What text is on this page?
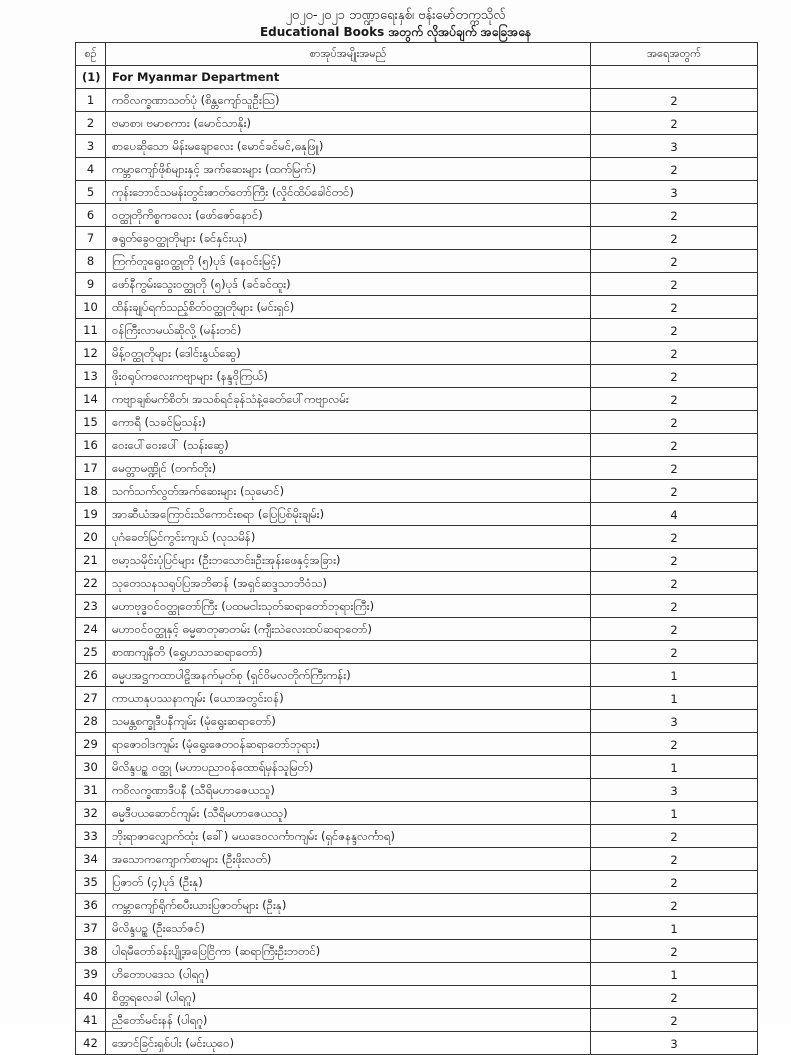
၂၀၂၀-၂၀၂၁ ဘဏ္ဍာရေးနှစ်၊ ဗန်းမော်တက္ကသိုလ်
Educational Books အတွက် လိုအပ်ချက် အခြေအနေ
စဉ်	စာအုပ်အမျိုးအမည်	အရေအတွက်
(1)	For Myanmar Department	
1	ကဝိလက္ခဏာသတ်ပုံ (စိန္တကျော်သူဦးဩ)	2
2	ဗမာစာ၊ ဗမာစကား (မောင်သာနိုး)	2
3	စာပေဆိုသော မိန်းမချောလေး (မောင်ခင်မင်,ဓနုဖြူ)	3
4	ကမ္ဘာကျော်ဖိုစ်များနှင့် အက်ဆေးများ (ထက်မြက်)	2
5	ကုန်းဘောင်သမန်းတွင်းဇာတ်တော်ကြီး (လှိုင်ထိပ်ခေါင်တင်)	3
6	ဝတ္ထုတိုကိစ္စကလေး (ဖော်ဇော်နောင်)	2
7	ဇရွတ်ခွေဝတ္ထုတိုများ (ခင်နှင်းယု)	2
8	ကြက်တူရွေးဝတ္ထုတို (၅)ပုဒ် (နေဝင်းမြင့်)	2
9	ဖော်နီကွမ်းသွေးဝတ္ထုတို (၅)ပုဒ် (ခင်ခင်ထူး)	2
10	ထိန်းချုပ်ရက်သည့်စိတ်ဝတ္ထုတိုများ (မင်းရှင်)	2
11	ဝန်ကြီးလာမယ်ဆိုလို့ (မန်းတင်)	2
12	မိန့်ဝတ္ထုတိုများ (ဒေါင်းနွယ်ဆွေ)	2
13	ဖိုးဝရုပ်ကလေးကဗျာများ (နန္ဒဝိုကြယ်)	2
14	ကဗျာချစ်မက်စိတ်၊ အသစ်ရင်ခုန်သံနဲ့ခေတ်ပေါ်ကဗျာလမ်း	2
15	ကောရီ (သခင်မြသန်း)	2
16	ဝေးပေါ်ဝေးပေါ် (သန်းဆွေ)	2
17	မေတ္တာမဏ္ဍိုင် (တက်တိုး)	2
18	သက်သက်လွတ်အက်ဆေးများ (သုမောင်)	2
19	အာဆီယံအကြောင်းသိကောင်းစရာ (ပြေပြစ်မိုးချမ်း)	4
20	ပုဂံခေတ်မြင်ကွင်းကျယ် (လုသမိန်)	2
21	ဗမာ့သမိုင်းပုံပြင်များ (ဦးဘသောင်း၊ဦးအုန်းဖေနှင့်အခြား)	2
22	သုတေသနသရုပ်ပြအဘိဓာန် (အရှင်ဆဒ္ဒသာဘိဝံသ)	2
23	မဟာဗုဒ္ဓဝင်ဝတ္ထုတော်ကြီး (ပထမငါးသုတ်ဆရာတော်ဘုရားကြီး)	2
24	မဟာဝင်ဝတ္ထုနှင့် ဓမ္မဓာတုဓာတမ်း (ကျီးသဲလေးထပ်ဆရာတော်)	2
25	စာဏကျနီတိ (ရွှေဟသာဆရာတော်)	2
26	ဓမ္မပအဋ္ဌကထာပါဠိအနက်မှတ်စု (ရှင်ဝိမလတိုက်ကြီးကန်း)	1
27	ကာယာနုပဿနာကျမ်း (ယောအတွင်းဝန်)	1
28	သမန္တစက္ခုဒီပနီကျမ်း (မုံရွေးဆရာတော်)	3
29	ရာဇောဝါဒကျမ်း (မုံရွေးဇေတဝန်ဆရာတော်ဘုရား)	2
30	မိလိန္ဒပဉ္စ ဝတ္ထု (မဟာပညာဝန်ထောရ်မှန်သူမြတ်)	1
31	ကဝိလက္ခဏာဒီပနီ (သီရိမဟာဇေယသူ)	3
32	ဓမ္မဒီပယဆောင်ကျမ်း (သီရိမဟာဇေယသူ)	1
33	ဘိုးရာဇာလျှောက်ထုံး (ခေါ်) မဃဒေဝလင်္ကာကျမ်း (ရှင်ဇနန္ဒလင်္ကာရ)	2
34	အသောကကျောက်စာများ (ဦးဖိုးလတ်)	2
35	ပြဇာတ် (၄)ပုဒ် (ဦးနု)	2
36	ကမ္ဘာကျော်ရိုက်စပီးယားပြဇာတ်များ (ဦးနု)	2
37	မိလိန္ဒပဉ္စ (ဦးသော်ဇင်)	1
38	ပါရမီတော်ခန်းပျို့အပြေငြိကာ (ဆရာကြီးဦးဘတင်)	2
39	ဟိတောပဒေသ (ပါရဂူ)	1
40	စိတ္တရလေခါ (ပါရဂူ)	2
41	ညီတော်မင်းနန် (ပါရဂူ)	2
42	အောင်ခြင်းရှစ်ပါး (မင်းယုဝေ)	3
